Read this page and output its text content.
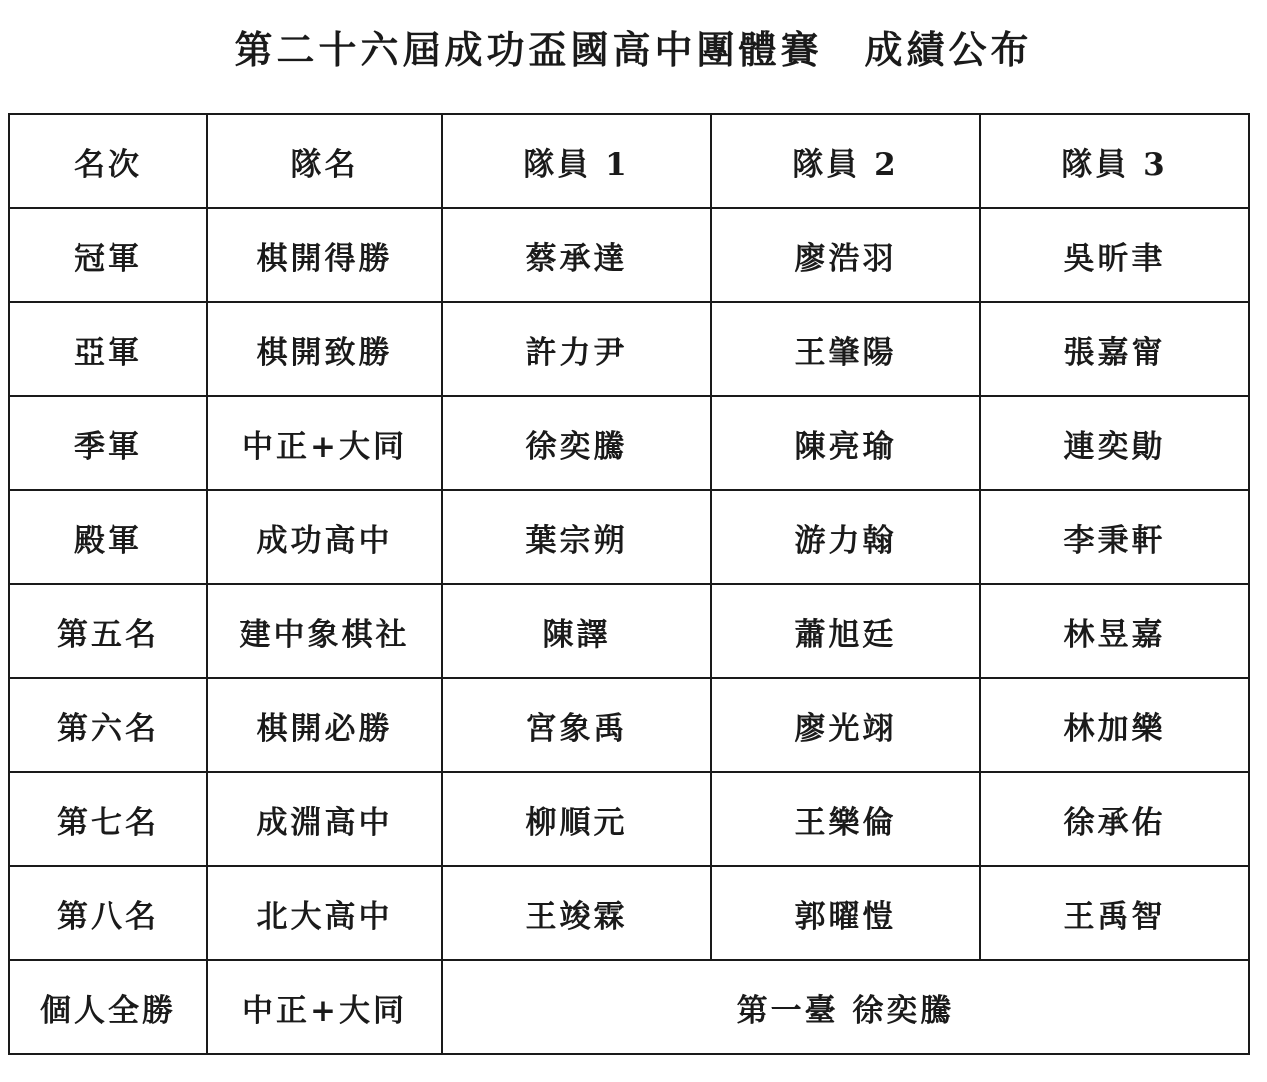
第二十六屆成功盃國高中團體賽　成績公布
名次	隊名	隊員 1	隊員 2	隊員 3
冠軍	棋開得勝	蔡承達	廖浩羽	吳昕聿
亞軍	棋開致勝	許力尹	王肇陽	張嘉甯
季軍	中正+大同	徐奕騰	陳亮瑜	連奕勛
殿軍	成功高中	葉宗朔	游力翰	李秉軒
第五名	建中象棋社	陳譯	蕭旭廷	林昱嘉
第六名	棋開必勝	宮象禹	廖光翊	林加樂
第七名	成淵高中	柳順元	王樂倫	徐承佑
第八名	北大高中	王竣霖	郭曜愷	王禹智
個人全勝	中正+大同	第一臺 徐奕騰		
